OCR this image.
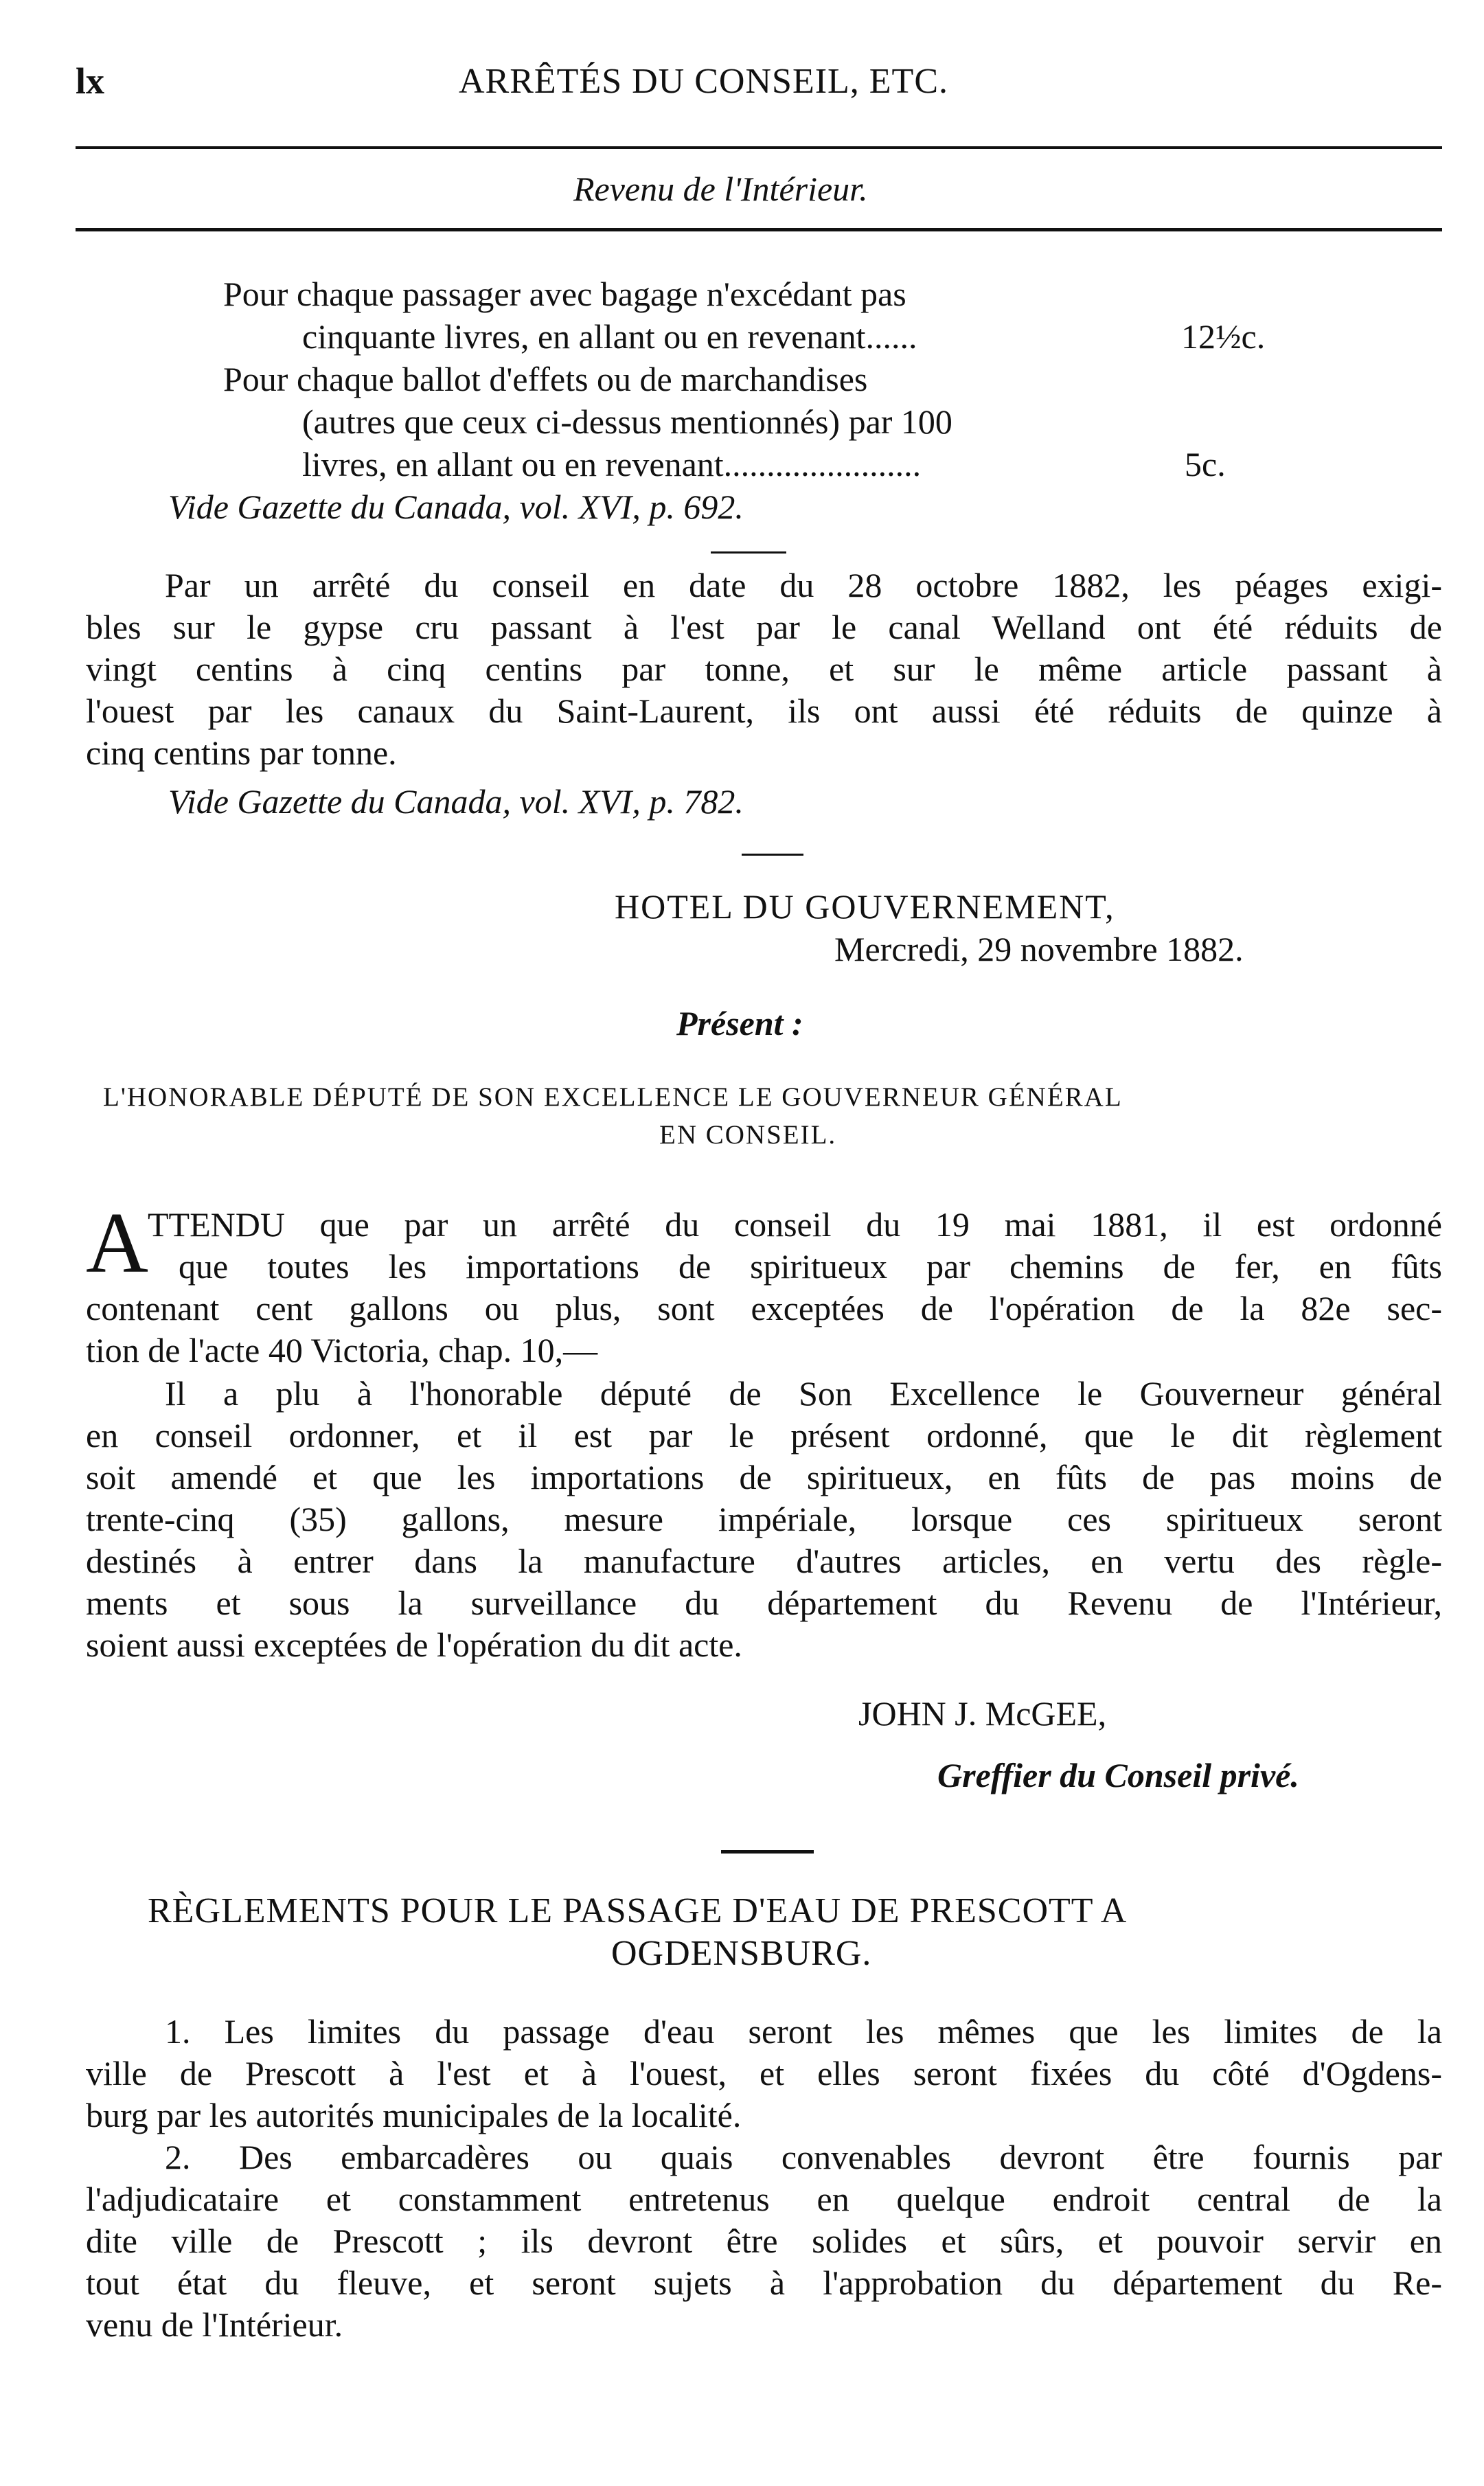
lx	ARRÊTÉS DU CONSEIL, ETC.
Revenu de l'Intérieur.
Pour chaque passager avec bagage n'excédant pas
cinquante livres, en allant ou en revenant......	12½c.
Pour chaque ballot d'effets ou de marchandises
(autres que ceux ci-dessus mentionnés) par 100
livres, en allant ou en revenant.......................	5c.
Vide Gazette du Canada, vol. XVI, p. 692.
Par un arrêté du conseil en date du 28 octobre 1882, les péages exigi-
bles sur le gypse cru passant à l'est par le canal Welland ont été réduits de
vingt centins à cinq centins par tonne, et sur le même article passant à
l'ouest par les canaux du Saint-Laurent, ils ont aussi été réduits de quinze à
cinq centins par tonne.
Vide Gazette du Canada, vol. XVI, p. 782.
HOTEL DU GOUVERNEMENT,
Mercredi, 29 novembre 1882.
Présent :
L'HONORABLE DÉPUTÉ DE SON EXCELLENCE LE GOUVERNEUR GÉNÉRAL
EN CONSEIL.
A TTENDU que par un arrêté du conseil du 19 mai 1881, il est ordonné
que toutes les importations de spiritueux par chemins de fer, en fûts
contenant cent gallons ou plus, sont exceptées de l'opération de la 82e sec-
tion de l'acte 40 Victoria, chap. 10,—
Il a plu à l'honorable député de Son Excellence le Gouverneur général
en conseil ordonner, et il est par le présent ordonné, que le dit règlement
soit amendé et que les importations de spiritueux, en fûts de pas moins de
trente-cinq (35) gallons, mesure impériale, lorsque ces spiritueux seront
destinés à entrer dans la manufacture d'autres articles, en vertu des règle-
ments et sous la surveillance du département du Revenu de l'Intérieur,
soient aussi exceptées de l'opération du dit acte.
JOHN J. McGEE,
Greffier du Conseil privé.
RÈGLEMENTS POUR LE PASSAGE D'EAU DE PRESCOTT A
OGDENSBURG.
1. Les limites du passage d'eau seront les mêmes que les limites de la
ville de Prescott à l'est et à l'ouest, et elles seront fixées du côté d'Ogdens-
burg par les autorités municipales de la localité.
2. Des embarcadères ou quais convenables devront être fournis par
l'adjudicataire et constamment entretenus en quelque endroit central de la
dite ville de Prescott ; ils devront être solides et sûrs, et pouvoir servir en
tout état du fleuve, et seront sujets à l'approbation du département du Re-
venu de l'Intérieur.
